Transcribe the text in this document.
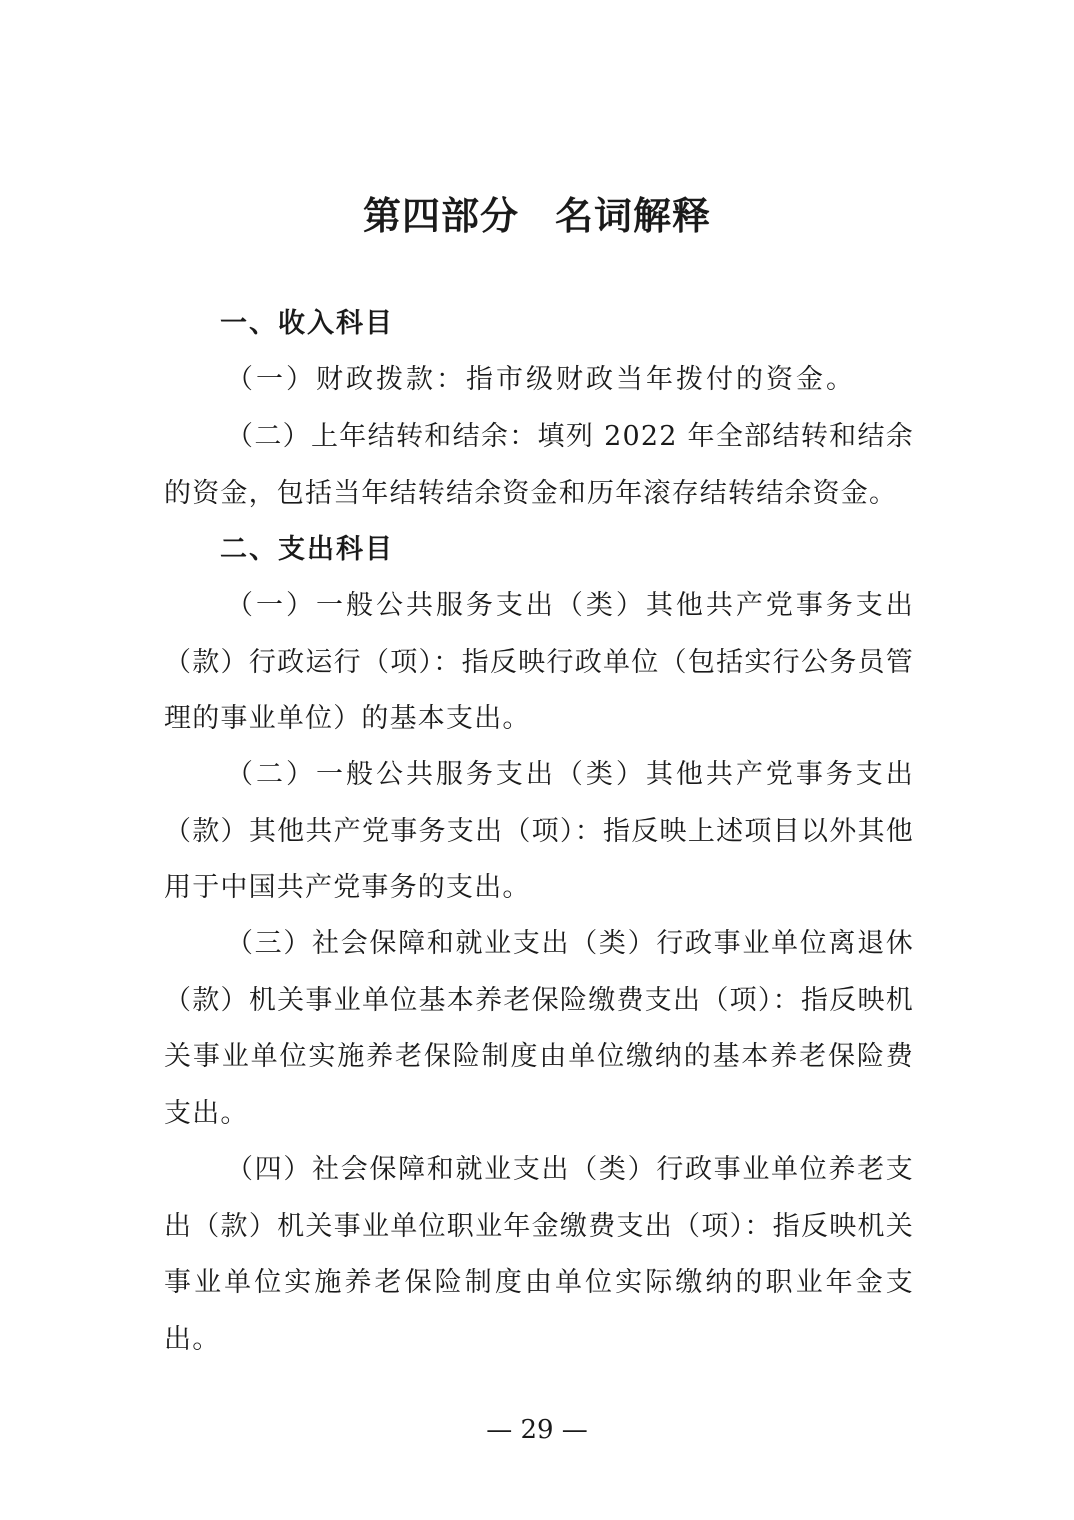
第四部分 名词解释
一、收入科目
（一）财政拨款：指市级财政当年拨付的资金。
（二）上年结转和结余：填列 2022 年全部结转和结余的资金，包括当年结转结余资金和历年滚存结转结余资金。
二、支出科目
（一）一般公共服务支出（类）其他共产党事务支出（款）行政运行（项）：指反映行政单位（包括实行公务员管理的事业单位）的基本支出。
（二）一般公共服务支出（类）其他共产党事务支出（款）其他共产党事务支出（项）：指反映上述项目以外其他用于中国共产党事务的支出。
（三）社会保障和就业支出（类）行政事业单位离退休（款）机关事业单位基本养老保险缴费支出（项）：指反映机关事业单位实施养老保险制度由单位缴纳的基本养老保险费支出。
（四）社会保障和就业支出（类）行政事业单位养老支出（款）机关事业单位职业年金缴费支出（项）：指反映机关事业单位实施养老保险制度由单位实际缴纳的职业年金支出。
— 29 —
